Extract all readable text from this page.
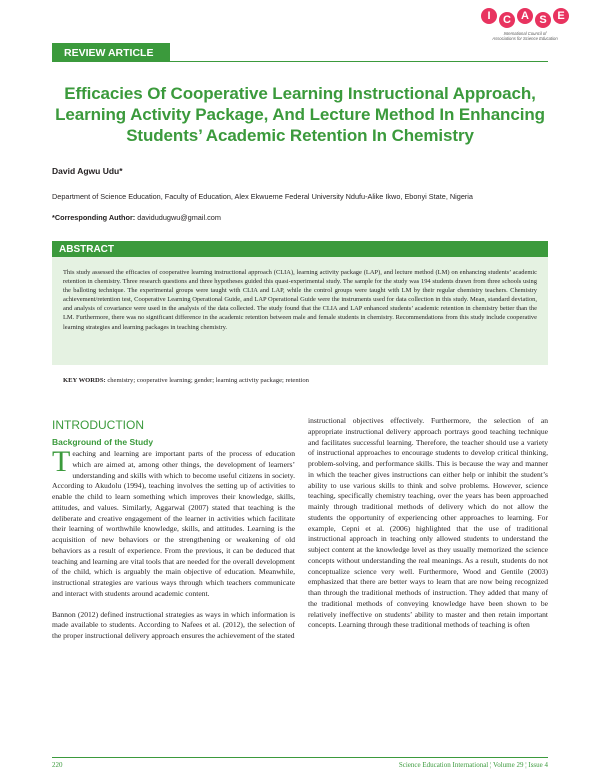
I	C A S E
International Council of
Associations for Science Education
REVIEW ARTICLE
Efficacies Of Cooperative Learning Instructional Approach, Learning Activity Package, And Lecture Method In Enhancing Students’ Academic Retention In Chemistry
David Agwu Udu*
Department of Science Education, Faculty of Education, Alex Ekwueme Federal University Ndufu-Alike Ikwo, Ebonyi State, Nigeria
*Corresponding Author: davidudugwu@gmail.com
ABSTRACT

This study assessed the efficacies of cooperative learning instructional approach (CLIA), learning activity package (LAP), and lecture method (LM) on enhancing students’ academic retention in chemistry. Three research questions and three hypotheses guided this quasi-experimental study. The sample for the study was 194 students drawn from three schools using the balloting technique. The experimental groups were taught with CLIA and LAP, while the control groups were taught with LM by their regular chemistry teachers. Chemistry achievement/retention test, Cooperative Learning Operational Guide, and LAP Operational Guide were the instruments used for data collection in this study. Mean, standard deviation, and analysis of covariance were used in the analysis of the data collected. The study found that the CLIA and LAP enhanced students’ academic retention in chemistry better than the LM. Furthermore, there was no significant difference in the academic retention between male and female students in chemistry. Recommendations from this study include cooperative learning strategies and learning packages in teaching chemistry.

KEY WORDS: chemistry; cooperative learning; gender; learning activity package; retention
INTRODUCTION
Background of the Study

Teaching and learning are important parts of the process of education which are aimed at, among other things, the development of learners’ understanding and skills with which to become useful citizens in society. According to Akudolu (1994), teaching involves the setting up of activities to enable the child to learn something which improves their knowledge, skills, attitudes, and values. Similarly, Aggarwal (2007) stated that teaching is the deliberate and creative engagement of the learner in activities which facilitate their learning of worthwhile knowledge, skills, and attitudes. Learning is the acquisition of new behaviors or the strengthening or weakening of old behaviors as a result of experience. From the previous, it can be deduced that teaching and learning are vital tools that are needed for the overall development of the child, which is arguably the main objective of education. Meanwhile, instructional strategies are various ways through which teachers communicate and interact with students around academic content.

Bannon (2012) defined instructional strategies as ways in which information is made available to students. According to Nafees et al. (2012), the selection of the proper instructional delivery approach ensures the achievement of the stated

instructional objectives effectively. Furthermore, the selection of an appropriate instructional delivery approach portrays good teaching technique and facilitates successful learning. Therefore, the teacher should use a variety of instructional approaches to encourage students to develop critical thinking, problem-solving, and performance skills. This is because the way and manner in which the teacher gives instructions can either help or inhibit the student’s ability to use various skills to think and solve problems. However, science teaching, specifically chemistry teaching, over the years has been approached mainly through traditional methods of delivery which do not allow the students the opportunity of experiencing other approaches to learning. For example, Cepni et al. (2006) highlighted that the use of traditional instructional approach in teaching only allowed students to understand the subject content at the knowledge level as they usually memorized the science concepts without understanding the real meanings. As a result, students do not conceptualize science very well. Furthermore, Wood and Gentile (2003) emphasized that there are better ways to learn that are now being recognized than through the traditional methods of instruction. They added that many of the traditional methods of conveying knowledge have been shown to be relatively ineffective on students’ ability to master and then retain important concepts. Learning through these traditional methods of teaching is often

220	Science Education International ¦ Volume 29 ¦ Issue 4
